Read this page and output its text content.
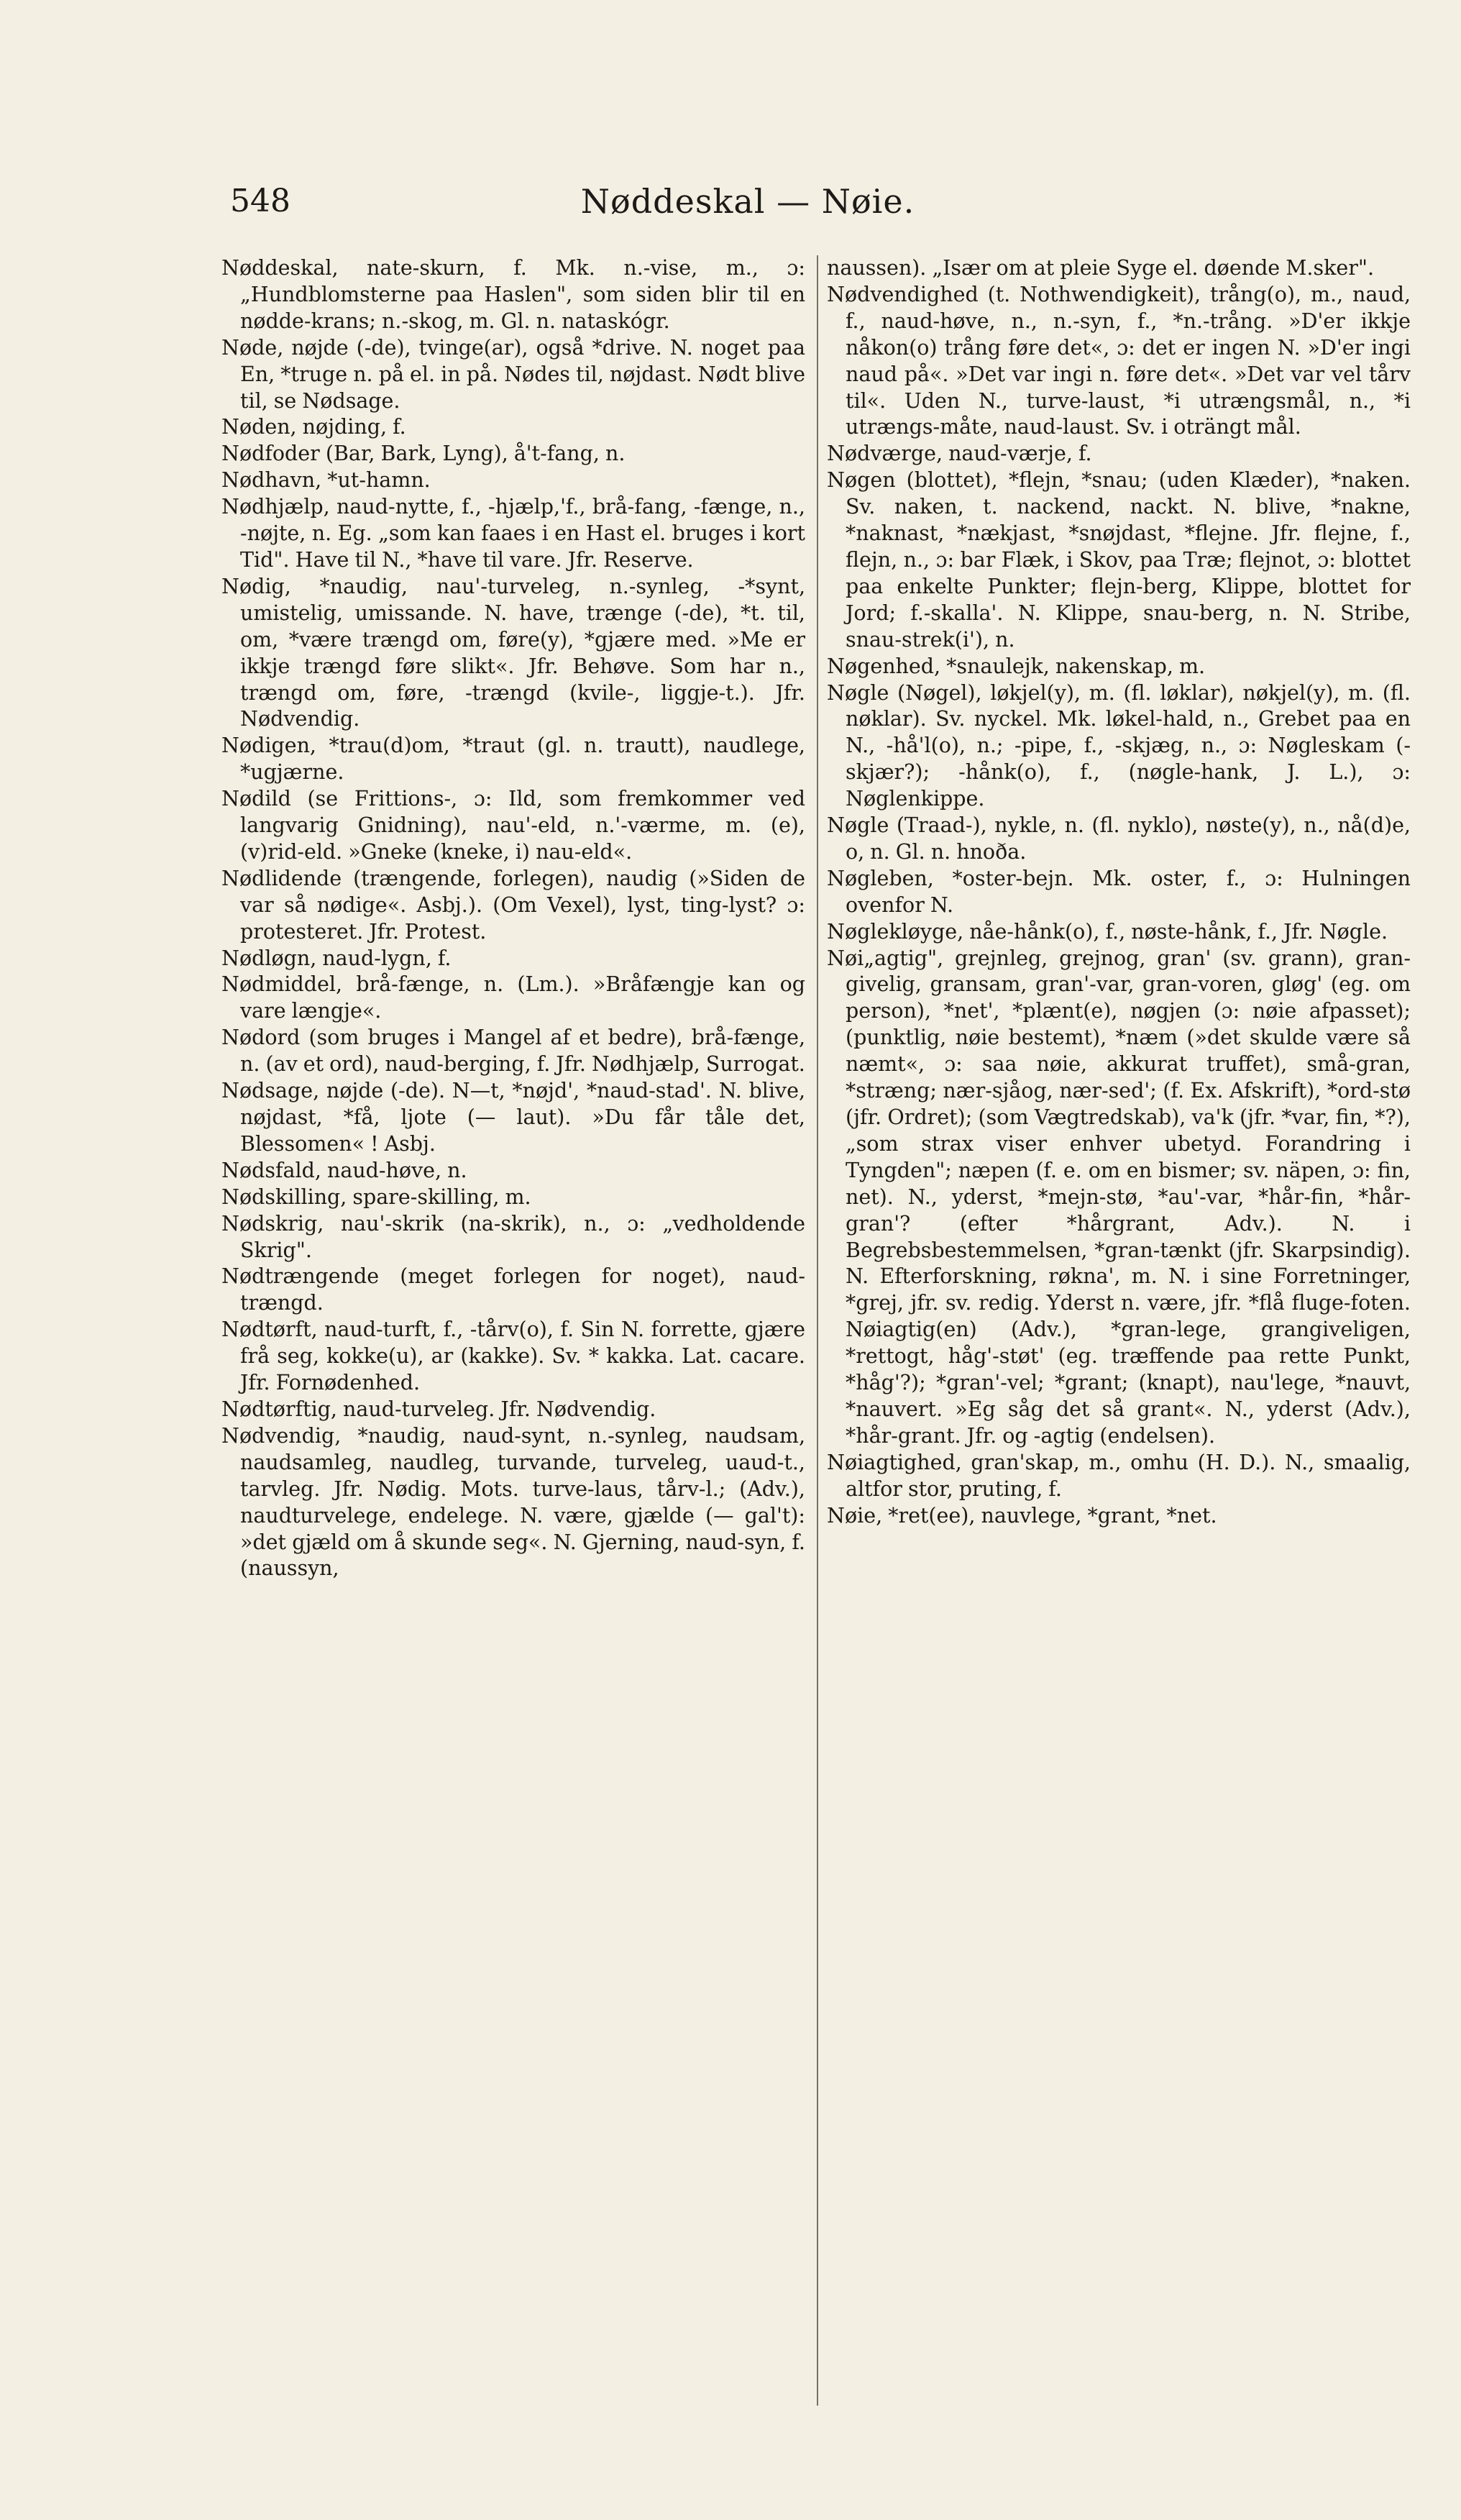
548	Nøddeskal — Nøie.

Nøddeskal, nate-skurn, f. Mk. n.-vise, m., ɔ: „Hundblomsterne paa Haslen", som siden blir til en nødde-krans; n.-skog, m. Gl. n. nataskógr.

Nøde, nøjde (-de), tvinge(ar), også *drive. N. noget paa En, *truge n. på el. in på. Nødes til, nøjdast. Nødt blive til, se Nødsage.

Nøden, nøjding, f.

Nødfoder (Bar, Bark, Lyng), å't-fang, n.

Nødhavn, *ut-hamn.

Nødhjælp, naud-nytte, f., -hjælp,'f., brå-fang, -fænge, n., -nøjte, n. Eg. „som kan faaes i en Hast el. bruges i kort Tid". Have til N., *have til vare. Jfr. Reserve.

Nødig, *naudig, nau'-turveleg, n.-synleg, -*synt, umistelig, umissande. N. have, trænge (-de), *t. til, om, *være trængd om, føre(y), *gjære med. »Me er ikkje trængd føre slikt«. Jfr. Behøve. Som har n., trængd om, føre, -trængd (kvile-, liggje-t.). Jfr. Nødvendig.

Nødigen, *trau(d)om, *traut (gl. n. trautt), naudlege, *ugjærne.

Nødild (se Frittions-, ɔ: Ild, som fremkommer ved langvarig Gnidning), nau'-eld, n.'-værme, m. (e), (v)rid-eld. »Gneke (kneke, i) nau-eld«.

Nødlidende (trængende, forlegen), naudig (»Siden de var så nødige«. Asbj.). (Om Vexel), lyst, ting-lyst? ɔ: protesteret. Jfr. Protest.

Nødløgn, naud-lygn, f.

Nødmiddel, brå-fænge, n. (Lm.). »Bråfængje kan og vare længje«.

Nødord (som bruges i Mangel af et bedre), brå-fænge, n. (av et ord), naud-berging, f. Jfr. Nødhjælp, Surrogat.

Nødsage, nøjde (-de). N—t, *nøjd', *naud-stad'. N. blive, nøjdast, *få, ljote (— laut). »Du får tåle det, Blessomen« ! Asbj.

Nødsfald, naud-høve, n.

Nødskilling, spare-skilling, m.

Nødskrig, nau'-skrik (na-skrik), n., ɔ: „vedholdende Skrig".

Nødtrængende (meget forlegen for noget), naud-trængd.

Nødtørft, naud-turft, f., -tårv(o), f. Sin N. forrette, gjære frå seg, kokke(u), ar (kakke). Sv. * kakka. Lat. cacare. Jfr. Fornødenhed.

Nødtørftig, naud-turveleg. Jfr. Nødvendig.

Nødvendig, *naudig, naud-synt, n.-synleg, naudsam, naudsamleg, naudleg, turvande, turveleg, uaud-t., tarvleg. Jfr. Nødig. Mots. turve-laus, tårv-l.; (Adv.), naudturvelege, endelege. N. være, gjælde (— gal't): »det gjæld om å skunde seg«. N. Gjerning, naud-syn, f. (naussyn,

naussen). „Især om at pleie Syge el. døende M.sker".

Nødvendighed (t. Nothwendigkeit), trång(o), m., naud, f., naud-høve, n., n.-syn, f., *n.-trång. »D'er ikkje nåkon(o) trång føre det«, ɔ: det er ingen N. »D'er ingi naud på«. »Det var ingi n. føre det«. »Det var vel tårv til«. Uden N., turve-laust, *i utrængsmål, n., *i utrængs-måte, naud-laust. Sv. i oträngt mål.

Nødværge, naud-værje, f.

Nøgen (blottet), *flejn, *snau; (uden Klæder), *naken. Sv. naken, t. nackend, nackt. N. blive, *nakne, *naknast, *nækjast, *snøjdast, *flejne. Jfr. flejne, f., flejn, n., ɔ: bar Flæk, i Skov, paa Træ; flejnot, ɔ: blottet paa enkelte Punkter; flejn-berg, Klippe, blottet for Jord; f.-skalla'. N. Klippe, snau-berg, n. N. Stribe, snau-strek(i'), n.

Nøgenhed, *snaulejk, nakenskap, m.

Nøgle (Nøgel), løkjel(y), m. (fl. løklar), nøkjel(y), m. (fl. nøklar). Sv. nyckel. Mk. løkel-hald, n., Grebet paa en N., -hå'l(o), n.; -pipe, f., -skjæg, n., ɔ: Nøgleskam (-skjær?); -hånk(o), f., (nøgle-hank, J. L.), ɔ: Nøglenkippe.

Nøgle (Traad-), nykle, n. (fl. nyklo), nøste(y), n., nå(d)e, o, n. Gl. n. hnoða.

Nøgleben, *oster-bejn. Mk. oster, f., ɔ: Hulningen ovenfor N.

Nøglekløyge, nåe-hånk(o), f., nøste-hånk, f., Jfr. Nøgle.

Nøi„agtig", grejnleg, grejnog, gran' (sv. grann), gran-givelig, gransam, gran'-var, gran-voren, gløg' (eg. om person), *net', *plænt(e), nøgjen (ɔ: nøie afpasset); (punktlig, nøie bestemt), *næm (»det skulde være så næmt«, ɔ: saa nøie, akkurat truffet), små-gran, *stræng; nær-sjåog, nær-sed'; (f. Ex. Afskrift), *ord-stø (jfr. Ordret); (som Vægtredskab), va'k (jfr. *var, fin, *?), „som strax viser enhver ubetyd. Forandring i Tyngden"; næpen (f. e. om en bismer; sv. näpen, ɔ: fin, net). N., yderst, *mejn-stø, *au'-var, *hår-fin, *hår-gran'? (efter *hårgrant, Adv.). N. i Begrebsbestemmelsen, *gran-tænkt (jfr. Skarpsindig). N. Efterforskning, røkna', m. N. i sine Forretninger, *grej, jfr. sv. redig. Yderst n. være, jfr. *flå fluge-foten. Nøiagtig(en) (Adv.), *gran-lege, grangiveligen, *rettogt, håg'-støt' (eg. træffende paa rette Punkt, *håg'?); *gran'-vel; *grant; (knapt), nau'lege, *nauvt, *nauvert. »Eg såg det så grant«. N., yderst (Adv.), *hår-grant. Jfr. og -agtig (endelsen).

Nøiagtighed, gran'skap, m., omhu (H. D.). N., smaalig, altfor stor, pruting, f.

Nøie, *ret(ee), nauvlege, *grant, *net.
